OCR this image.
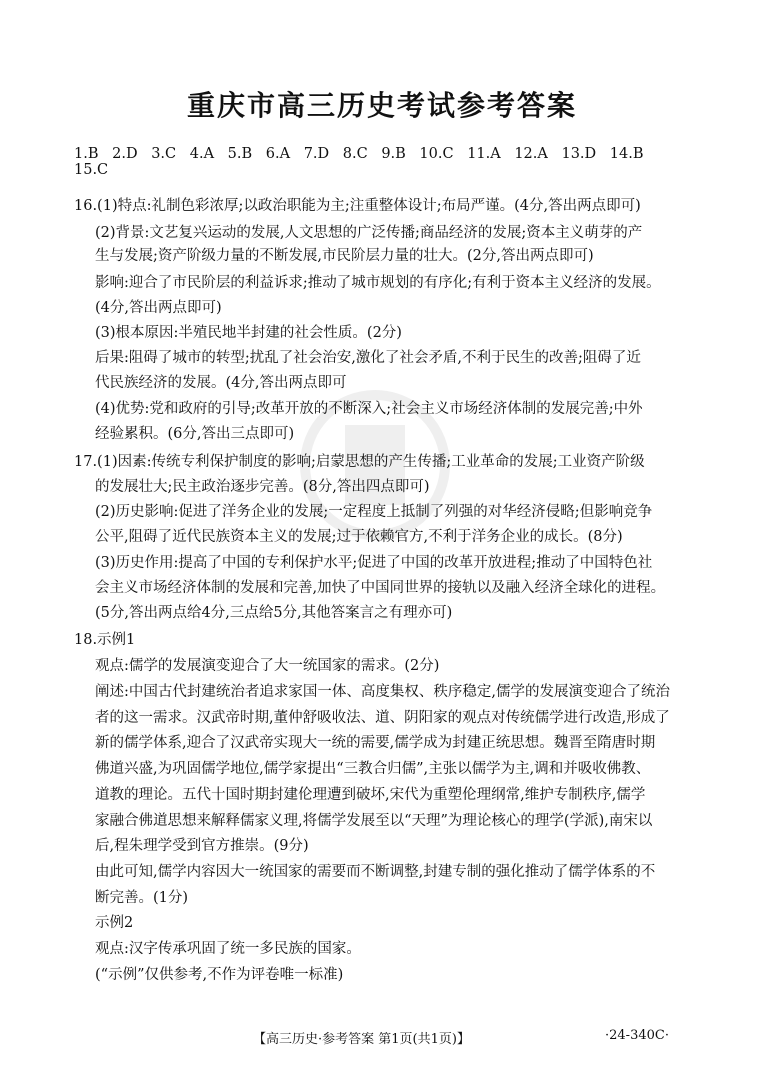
重庆市高三历史考试参考答案
1.B 2.D 3.C 4.A 5.B 6.A 7.D 8.C 9.B 10.C 11.A 12.A 13.D 14.B
15.C
16.(1)特点:礼制色彩浓厚;以政治职能为主;注重整体设计;布局严谨。(4分,答出两点即可)
(2)背景:文艺复兴运动的发展,人文思想的广泛传播;商品经济的发展;资本主义萌芽的产
生与发展;资产阶级力量的不断发展,市民阶层力量的壮大。(2分,答出两点即可)
影响:迎合了市民阶层的利益诉求;推动了城市规划的有序化;有利于资本主义经济的发展。
(4分,答出两点即可)
(3)根本原因:半殖民地半封建的社会性质。(2分)
后果:阻碍了城市的转型;扰乱了社会治安,激化了社会矛盾,不利于民生的改善;阻碍了近
代民族经济的发展。(4分,答出两点即可
(4)优势:党和政府的引导;改革开放的不断深入;社会主义市场经济体制的发展完善;中外
经验累积。(6分,答出三点即可)
17.(1)因素:传统专利保护制度的影响;启蒙思想的产生传播;工业革命的发展;工业资产阶级
的发展壮大;民主政治逐步完善。(8分,答出四点即可)
(2)历史影响:促进了洋务企业的发展;一定程度上抵制了列强的对华经济侵略;但影响竞争
公平,阻碍了近代民族资本主义的发展;过于依赖官方,不利于洋务企业的成长。(8分)
(3)历史作用:提高了中国的专利保护水平;促进了中国的改革开放进程;推动了中国特色社
会主义市场经济体制的发展和完善,加快了中国同世界的接轨以及融入经济全球化的进程。
(5分,答出两点给4分,三点给5分,其他答案言之有理亦可)
18.示例1
观点:儒学的发展演变迎合了大一统国家的需求。(2分)
阐述:中国古代封建统治者追求家国一体、高度集权、秩序稳定,儒学的发展演变迎合了统治
者的这一需求。汉武帝时期,董仲舒吸收法、道、阴阳家的观点对传统儒学进行改造,形成了
新的儒学体系,迎合了汉武帝实现大一统的需要,儒学成为封建正统思想。魏晋至隋唐时期
佛道兴盛,为巩固儒学地位,儒学家提出“三教合归儒”,主张以儒学为主,调和并吸收佛教、
道教的理论。五代十国时期封建伦理遭到破坏,宋代为重塑伦理纲常,维护专制秩序,儒学
家融合佛道思想来解释儒家义理,将儒学发展至以“天理”为理论核心的理学(学派),南宋以
后,程朱理学受到官方推崇。(9分)
由此可知,儒学内容因大一统国家的需要而不断调整,封建专制的强化推动了儒学体系的不
断完善。(1分)
示例2
观点:汉字传承巩固了统一多民族的国家。
(“示例”仅供参考,不作为评卷唯一标准)
【高三历史·参考答案 第1页(共1页)】	·24-340C·
